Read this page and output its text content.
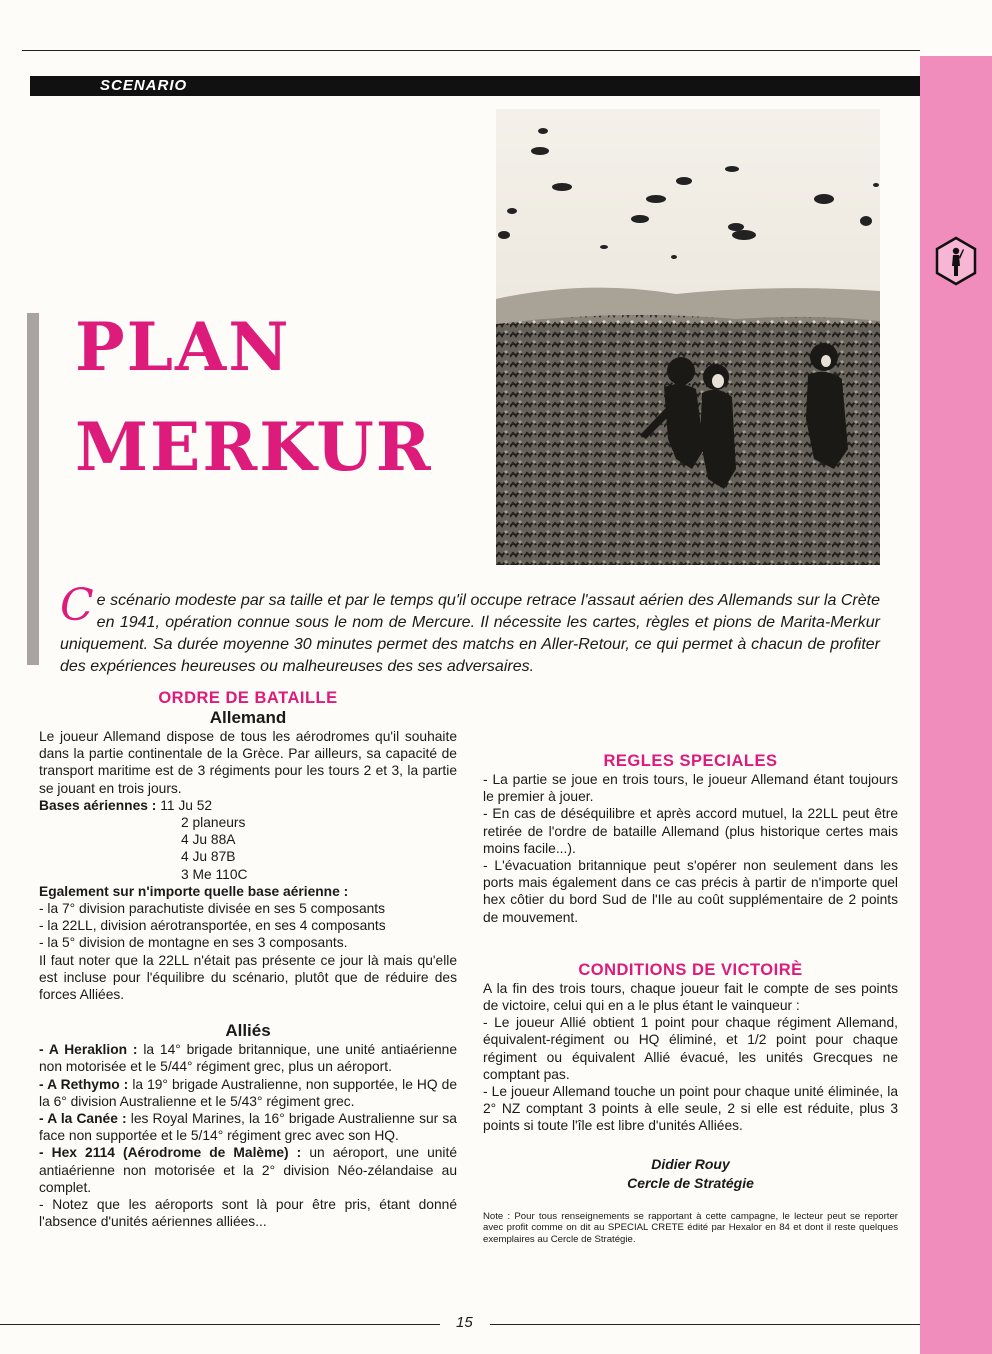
SCENARIO
PLAN
MERKUR
Ce scénario modeste par sa taille et par le temps qu'il occupe retrace l'assaut aérien des Allemands sur la Crète en 1941, opération connue sous le nom de Mercure. Il nécessite les cartes, règles et pions de Marita-Merkur uniquement. Sa durée moyenne 30 minutes permet des matchs en Aller-Retour, ce qui permet à chacun de profiter des expériences heureuses ou malheureuses des ses adversaires.
ORDRE DE BATAILLE
Allemand

Le joueur Allemand dispose de tous les aérodromes qu'il souhaite dans la partie continentale de la Grèce. Par ailleurs, sa capacité de transport maritime est de 3 régiments pour les tours 2 et 3, la partie se jouant en trois jours.

Bases aériennes : 11 Ju 52
2 planeurs
4 Ju 88A
4 Ju 87B
3 Me 110C

Egalement sur n'importe quelle base aérienne :

- la 7° division parachutiste divisée en ses 5 composants

- la 22LL, division aérotransportée, en ses 4 composants

- la 5° division de montagne en ses 3 composants.

Il faut noter que la 22LL n'était pas présente ce jour là mais qu'elle est incluse pour l'équilibre du scénario, plutôt que de réduire des forces Alliées.

Alliés

- A Heraklion : la 14° brigade britannique, une unité antiaérienne non motorisée et le 5/44° régiment grec, plus un aéroport.

- A Rethymo : la 19° brigade Australienne, non supportée, le HQ de la 6° division Australienne et le 5/43° régiment grec.

- A la Canée : les Royal Marines, la 16° brigade Australienne sur sa face non supportée et le 5/14° régiment grec avec son HQ.

- Hex 2114 (Aérodrome de Malème) : un aéroport, une unité antiaérienne non motorisée et la 2° division Néo-zélandaise au complet.

- Notez que les aéroports sont là pour être pris, étant donné l'absence d'unités aériennes alliées...

REGLES SPECIALES

- La partie se joue en trois tours, le joueur Allemand étant toujours le premier à jouer.

- En cas de déséquilibre et après accord mutuel, la 22LL peut être retirée de l'ordre de bataille Allemand (plus historique certes mais moins facile...).

- L'évacuation britannique peut s'opérer non seulement dans les ports mais également dans ce cas précis à partir de n'importe quel hex côtier du bord Sud de l'Ile au coût supplémentaire de 2 points de mouvement.

CONDITIONS DE VICTOIRÈ

A la fin des trois tours, chaque joueur fait le compte de ses points de victoire, celui qui en a le plus étant le vainqueur :

- Le joueur Allié obtient 1 point pour chaque régiment Allemand, équivalent-régiment ou HQ éliminé, et 1/2 point pour chaque régiment ou équivalent Allié évacué, les unités Grecques ne comptant pas.

- Le joueur Allemand touche un point pour chaque unité éliminée, la 2° NZ comptant 3 points à elle seule, 2 si elle est réduite, plus 3 points si toute l'île est libre d'unités Alliées.

Didier Rouy
Cercle de Stratégie

Note : Pour tous renseignements se rapportant à cette campagne, le lecteur peut se reporter avec profit comme on dit au SPECIAL CRETE édité par Hexalor en 84 et dont il reste quelques exemplaires au Cercle de Stratégie.

15
